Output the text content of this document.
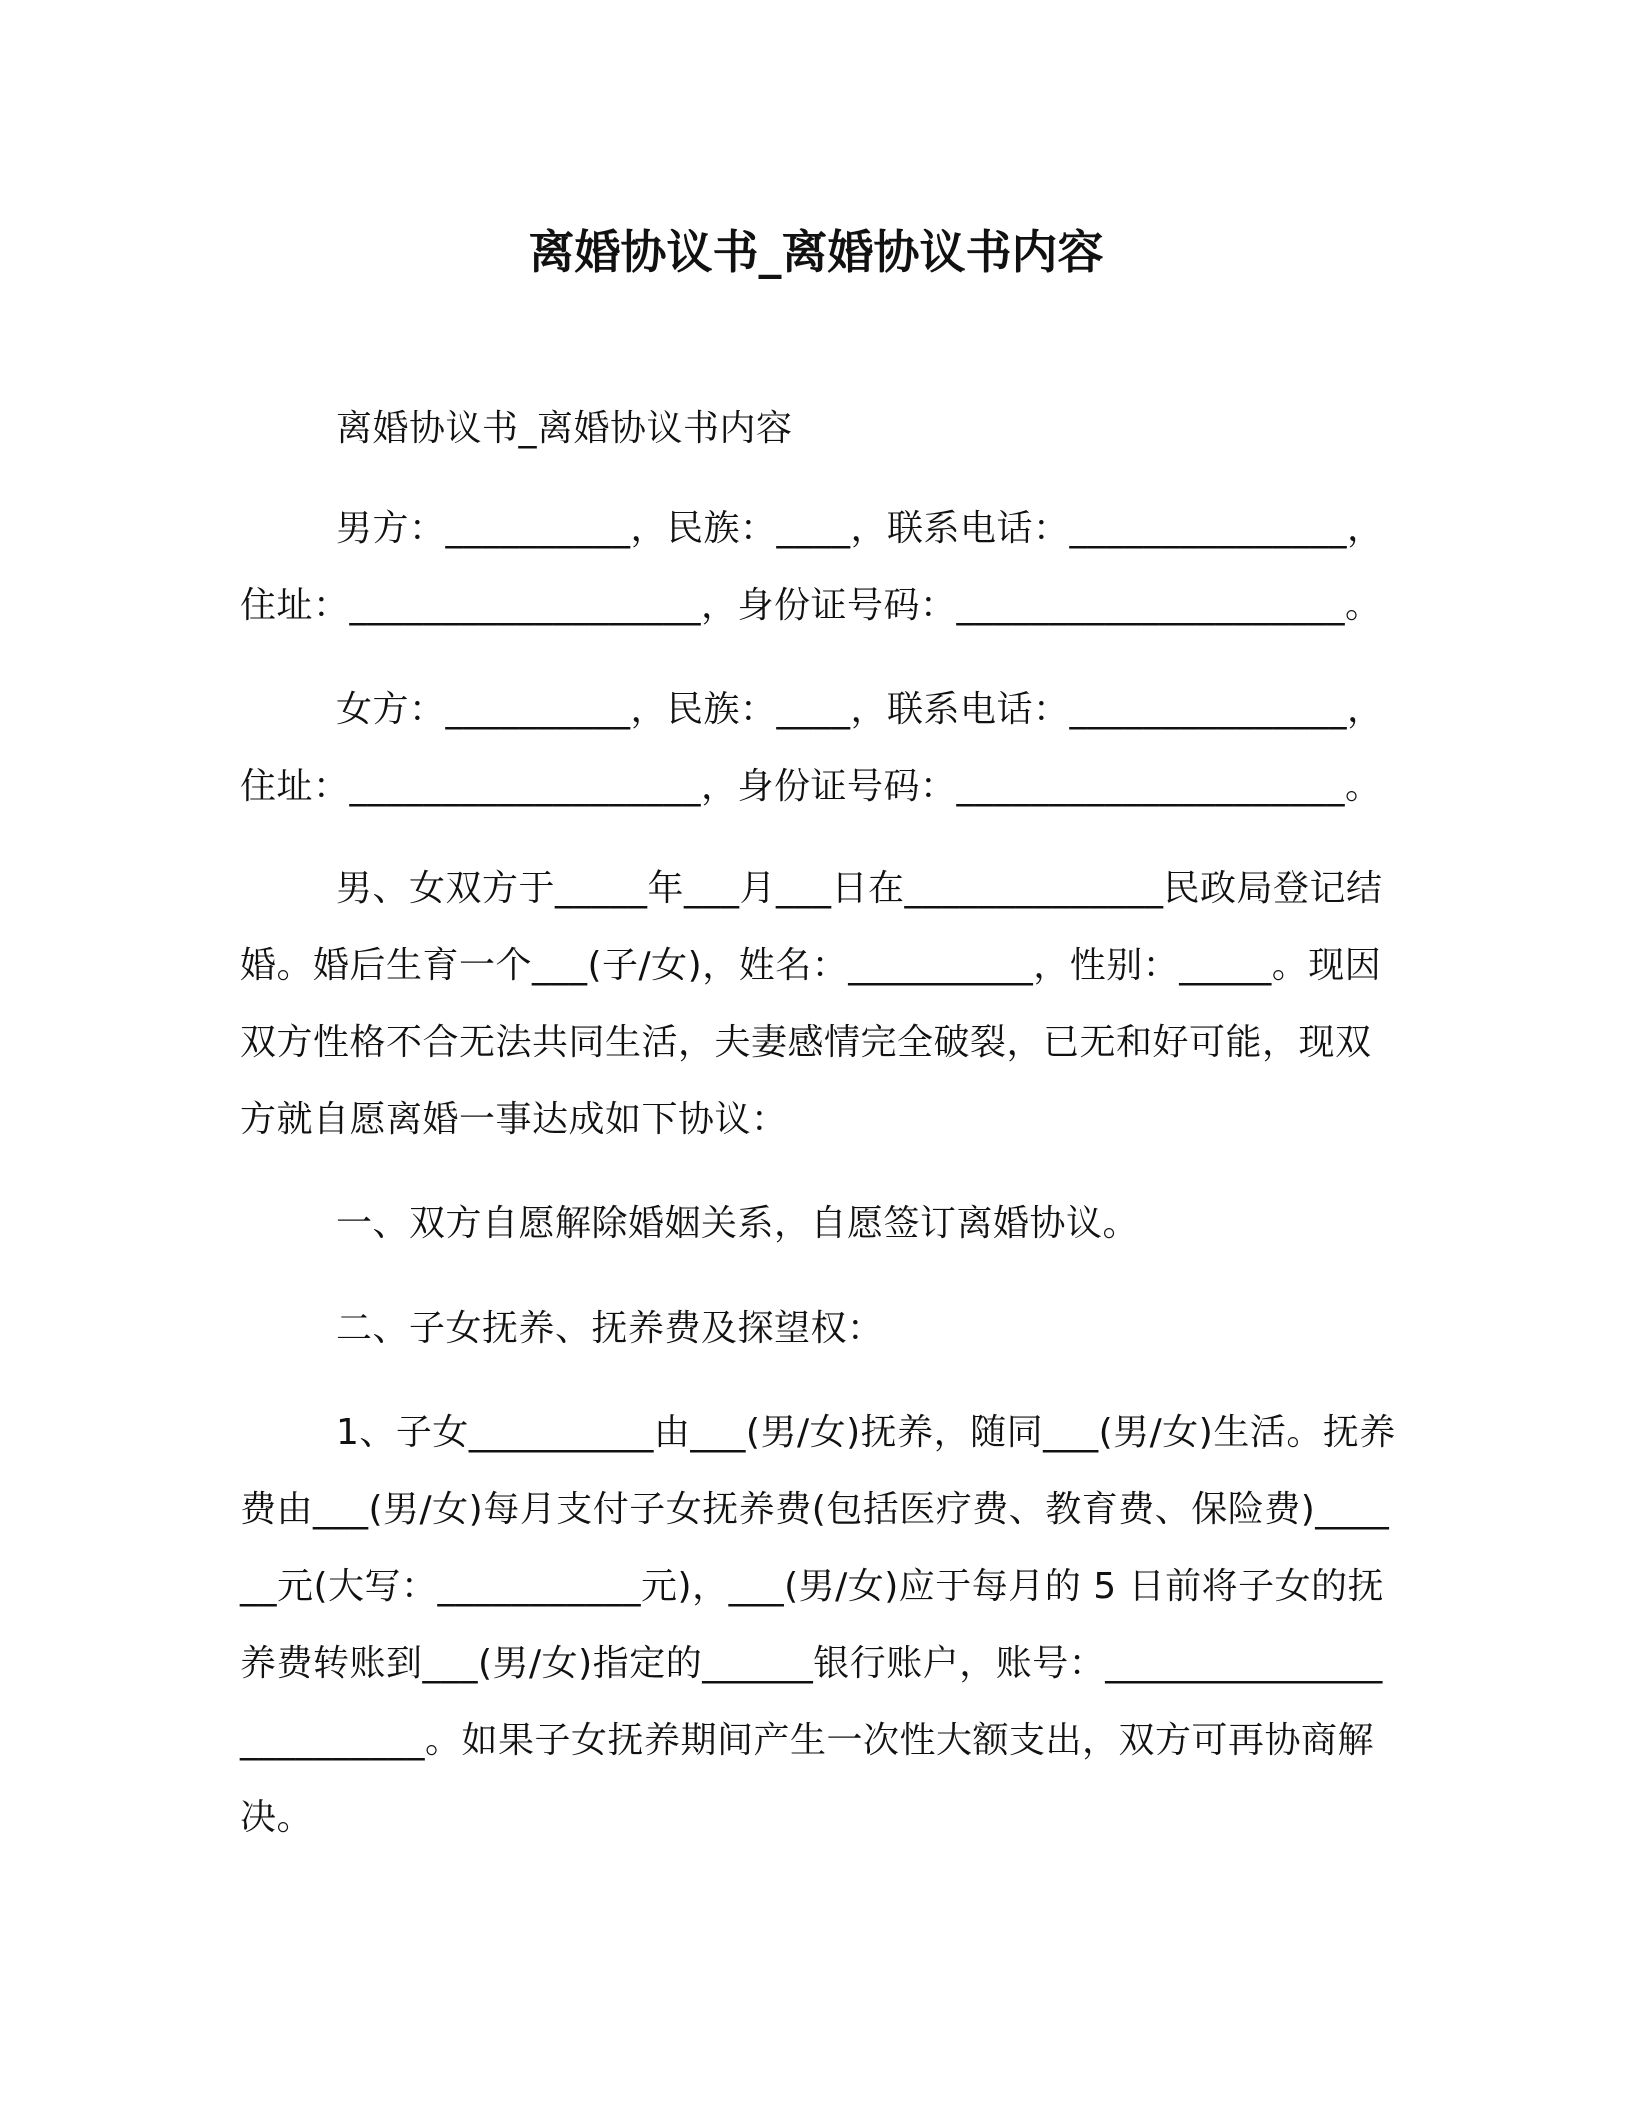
离婚协议书_离婚协议书内容

离婚协议书_离婚协议书内容

男方：__________，民族：____，联系电话：_______________，住址：___________________，身份证号码：_____________________。

女方：__________，民族：____，联系电话：_______________，住址：___________________，身份证号码：_____________________。

男、女双方于_____年___月___日在______________民政局登记结婚。婚后生育一个___(子/女)，姓名：__________，性别：_____。现因双方性格不合无法共同生活，夫妻感情完全破裂，已无和好可能，现双方就自愿离婚一事达成如下协议：

一、双方自愿解除婚姻关系，自愿签订离婚协议。

二、子女抚养、抚养费及探望权：

1、子女__________由___(男/女)抚养，随同___(男/女)生活。抚养费由___(男/女)每月支付子女抚养费(包括医疗费、教育费、保险费)______元(大写：___________元)，___(男/女)应于每月的 5 日前将子女的抚养费转账到___(男/女)指定的______银行账户，账号：_________________________。如果子女抚养期间产生一次性大额支出，双方可再协商解决。
